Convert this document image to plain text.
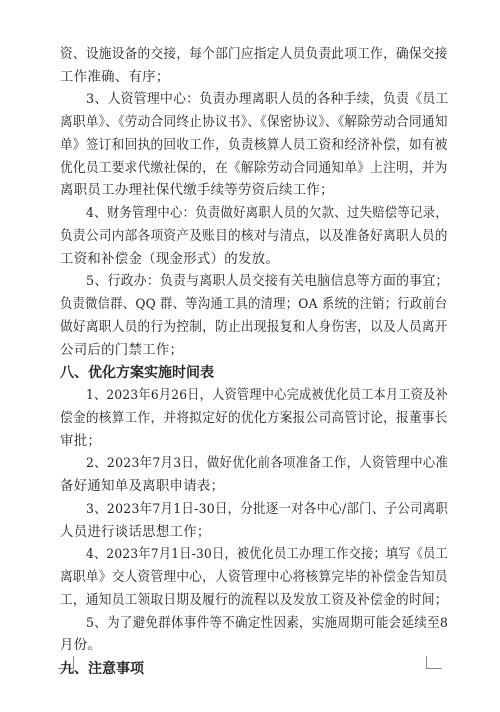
资、设施设备的交接，每个部门应指定人员负责此项工作，确保交接
工作准确、有序；
3、人资管理中心：负责办理离职人员的各种手续，负责《员工
离职单》、《劳动合同终止协议书》、《保密协议》、《解除劳动合同通知
单》签订和回执的回收工作，负责核算人员工资和经济补偿，如有被
优化员工要求代缴社保的，在《解除劳动合同通知单》上注明，并为
离职员工办理社保代缴手续等劳资后续工作；
4、财务管理中心：负责做好离职人员的欠款、过失赔偿等记录，
负责公司内部各项资产及账目的核对与清点，以及准备好离职人员的
工资和补偿金（现金形式）的发放。
5、行政办：负责与离职人员交接有关电脑信息等方面的事宜；
负责微信群、QQ 群、等沟通工具的清理；OA 系统的注销；行政前台
做好离职人员的行为控制，防止出现报复和人身伤害，以及人员离开
公司后的门禁工作；
八、优化方案实施时间表
1、2023年6月26日，人资管理中心完成被优化员工本月工资及补
偿金的核算工作，并将拟定好的优化方案报公司高管讨论，报董事长
审批；
2、2023年7月3日，做好优化前各项准备工作，人资管理中心准
备好通知单及离职申请表；
3、2023年7月1日-30日，分批逐一对各中心/部门、子公司离职
人员进行谈话思想工作；
4、2023年7月1日-30日，被优化员工办理工作交接；填写《员工
离职单》交人资管理中心，人资管理中心将核算完毕的补偿金告知员
工，通知员工领取日期及履行的流程以及发放工资及补偿金的时间；
5、为了避免群体事件等不确定性因素，实施周期可能会延续至8
月份。
九、注意事项
